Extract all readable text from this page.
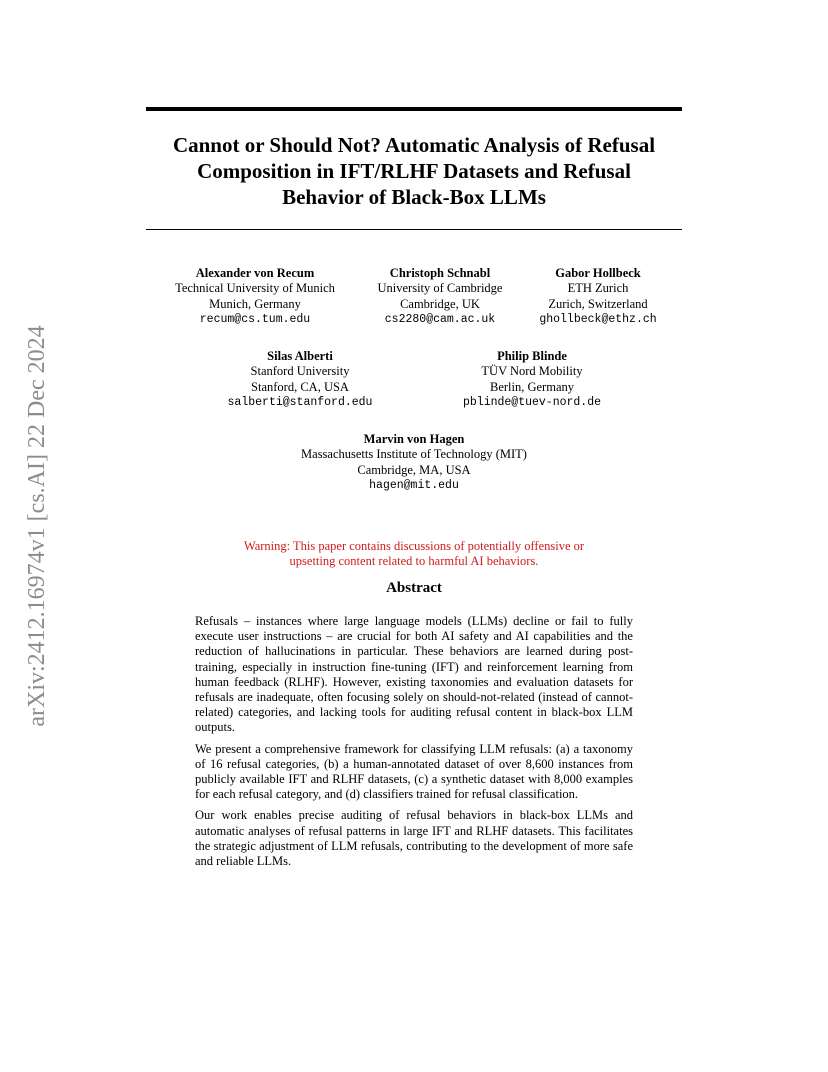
arXiv:2412.16974v1 [cs.AI] 22 Dec 2024
Cannot or Should Not? Automatic Analysis of Refusal
Composition in IFT/RLHF Datasets and Refusal
Behavior of Black-Box LLMs
Alexander von Recum
Technical University of Munich
Munich, Germany
recum@cs.tum.edu
Christoph Schnabl
University of Cambridge
Cambridge, UK
cs2280@cam.ac.uk
Gabor Hollbeck
ETH Zurich
Zurich, Switzerland
ghollbeck@ethz.ch
Silas Alberti
Stanford University
Stanford, CA, USA
salberti@stanford.edu
Philip Blinde
TÜV Nord Mobility
Berlin, Germany
pblinde@tuev-nord.de
Marvin von Hagen
Massachusetts Institute of Technology (MIT)
Cambridge, MA, USA
hagen@mit.edu
Warning: This paper contains discussions of potentially offensive or
upsetting content related to harmful AI behaviors.
Abstract

Refusals – instances where large language models (LLMs) decline or fail to fully execute user instructions – are crucial for both AI safety and AI capabilities and the reduction of hallucinations in particular. These behaviors are learned during post-training, especially in instruction fine-tuning (IFT) and reinforcement learning from human feedback (RLHF). However, existing taxonomies and evaluation datasets for refusals are inadequate, often focusing solely on should-not-related (instead of cannot-related) categories, and lacking tools for auditing refusal content in black-box LLM outputs.

We present a comprehensive framework for classifying LLM refusals: (a) a taxonomy of 16 refusal categories, (b) a human-annotated dataset of over 8,600 instances from publicly available IFT and RLHF datasets, (c) a synthetic dataset with 8,000 examples for each refusal category, and (d) classifiers trained for refusal classification.

Our work enables precise auditing of refusal behaviors in black-box LLMs and automatic analyses of refusal patterns in large IFT and RLHF datasets. This facilitates the strategic adjustment of LLM refusals, contributing to the development of more safe and reliable LLMs.
